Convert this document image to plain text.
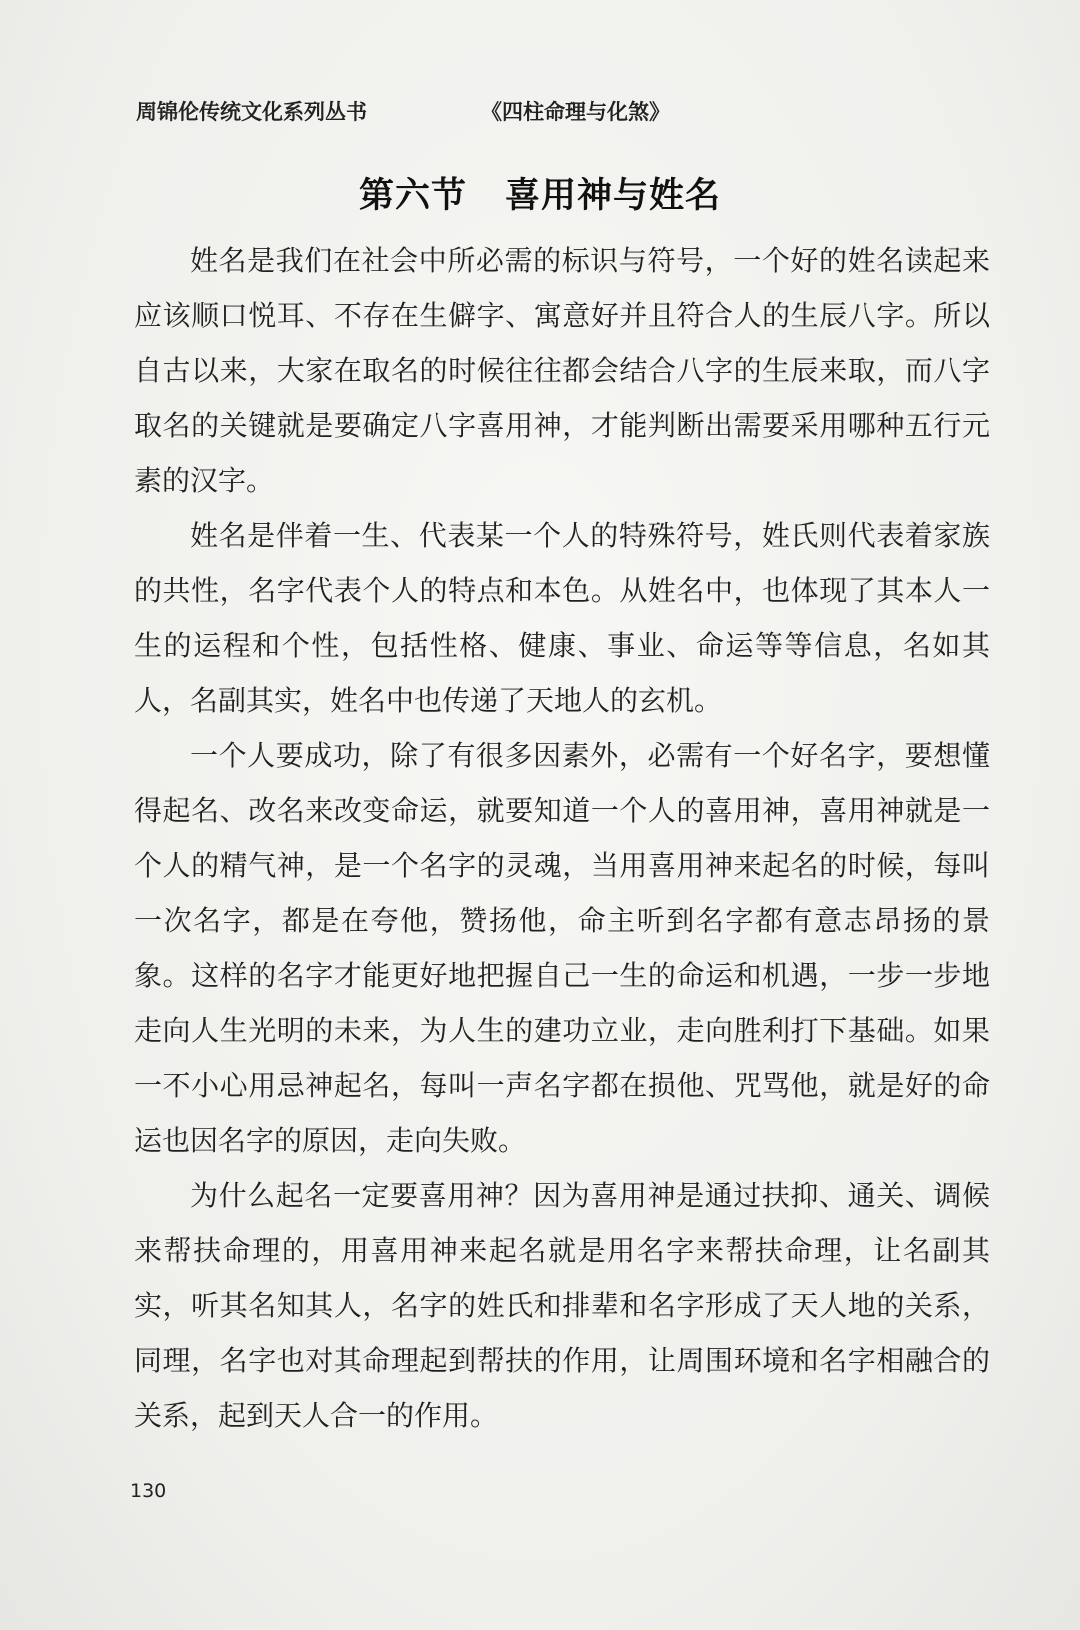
周锦伦传统文化系列丛书	《四柱命理与化煞》
第六节 喜用神与姓名

姓名是我们在社会中所必需的标识与符号，一个好的姓名读起来应该顺口悦耳、不存在生僻字、寓意好并且符合人的生辰八字。所以自古以来，大家在取名的时候往往都会结合八字的生辰来取，而八字取名的关键就是要确定八字喜用神，才能判断出需要采用哪种五行元素的汉字。

姓名是伴着一生、代表某一个人的特殊符号，姓氏则代表着家族的共性，名字代表个人的特点和本色。从姓名中，也体现了其本人一生的运程和个性，包括性格、健康、事业、命运等等信息，名如其人，名副其实，姓名中也传递了天地人的玄机。

一个人要成功，除了有很多因素外，必需有一个好名字，要想懂得起名、改名来改变命运，就要知道一个人的喜用神，喜用神就是一个人的精气神，是一个名字的灵魂，当用喜用神来起名的时候，每叫一次名字，都是在夸他，赞扬他，命主听到名字都有意志昂扬的景象。这样的名字才能更好地把握自己一生的命运和机遇，一步一步地走向人生光明的未来，为人生的建功立业，走向胜利打下基础。如果一不小心用忌神起名，每叫一声名字都在损他、咒骂他，就是好的命运也因名字的原因，走向失败。

为什么起名一定要喜用神？因为喜用神是通过扶抑、通关、调候来帮扶命理的，用喜用神来起名就是用名字来帮扶命理，让名副其实，听其名知其人，名字的姓氏和排辈和名字形成了天人地的关系，同理，名字也对其命理起到帮扶的作用，让周围环境和名字相融合的关系，起到天人合一的作用。

130
